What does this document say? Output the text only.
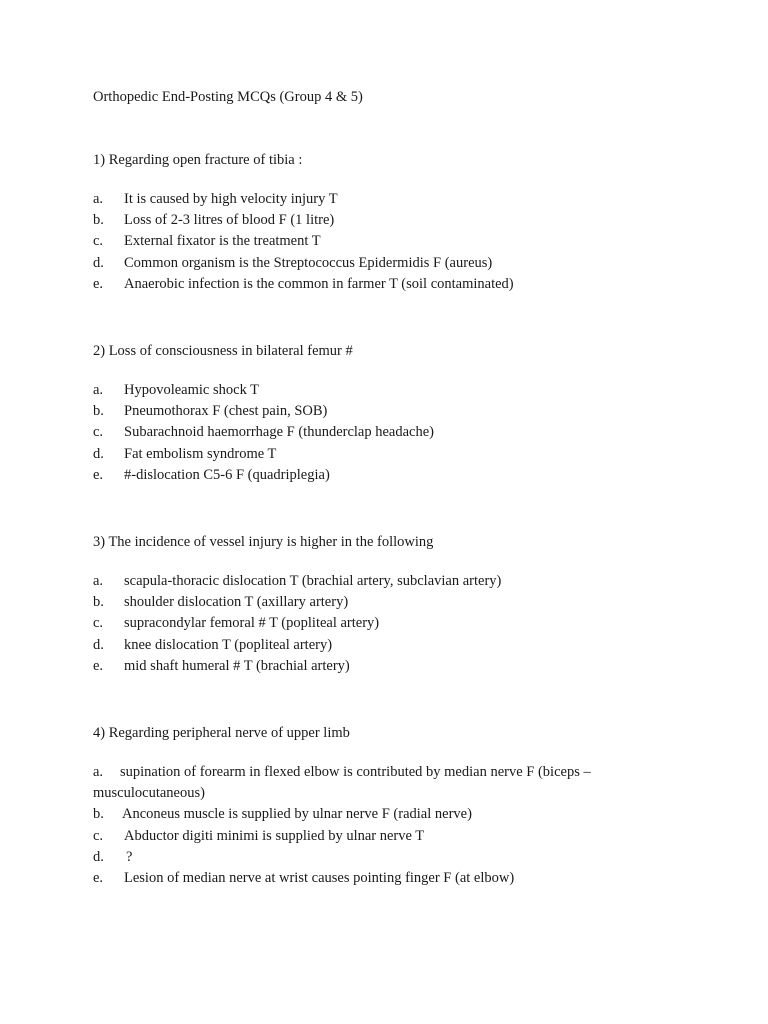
Orthopedic End-Posting MCQs (Group 4 & 5)
1) Regarding open fracture of tibia :
a. It is caused by high velocity injury T
b. Loss of 2-3 litres of blood F (1 litre)
c. External fixator is the treatment T
d. Common organism is the Streptococcus Epidermidis F (aureus)
e. Anaerobic infection is the common in farmer T (soil contaminated)
2) Loss of consciousness in bilateral femur #
a. Hypovoleamic shock T
b. Pneumothorax F (chest pain, SOB)
c. Subarachnoid haemorrhage F (thunderclap headache)
d. Fat embolism syndrome T
e. #-dislocation C5-6 F (quadriplegia)
3) The incidence of vessel injury is higher in the following
a. scapula-thoracic dislocation T (brachial artery, subclavian artery)
b. shoulder dislocation T (axillary artery)
c. supracondylar femoral # T (popliteal artery)
d. knee dislocation T (popliteal artery)
e. mid shaft humeral # T (brachial artery)
4) Regarding peripheral nerve of upper limb
a. supination of forearm in flexed elbow is contributed by median nerve F (biceps – musculocutaneous)
b. Anconeus muscle is supplied by ulnar nerve F (radial nerve)
c. Abductor digiti minimi is supplied by ulnar nerve T
d. ?
e. Lesion of median nerve at wrist causes pointing finger F (at elbow)
